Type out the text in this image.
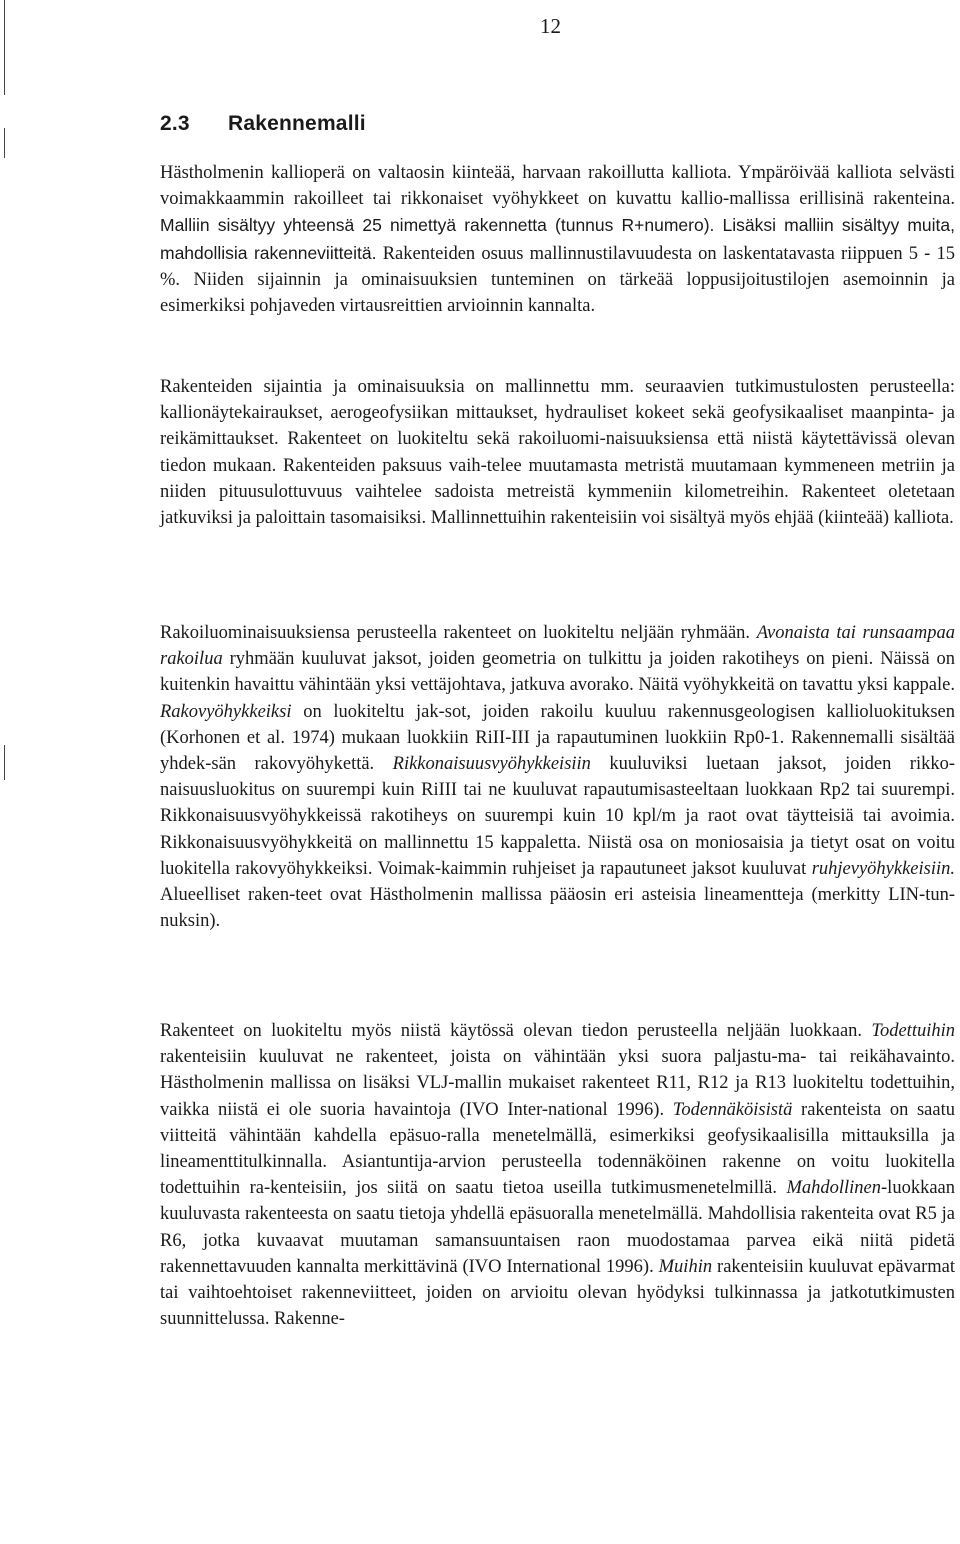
12
2.3 Rakennemalli

Hästholmenin kallioperä on valtaosin kiinteää, harvaan rakoillutta kalliota. Ympäröivää kalliota selvästi voimakkaammin rakoilleet tai rikkonaiset vyöhykkeet on kuvattu kallio-mallissa erillisinä rakenteina. Malliin sisältyy yhteensä 25 nimettyä rakennetta (tunnus R+numero). Lisäksi malliin sisältyy muita, mahdollisia rakenneviitteitä. Rakenteiden osuus mallinnustilavuudesta on laskentatavasta riippuen 5 - 15 %. Niiden sijainnin ja ominaisuuksien tunteminen on tärkeää loppusijoitustilojen asemoinnin ja esimerkiksi pohjaveden virtausreittien arvioinnin kannalta.

Rakenteiden sijaintia ja ominaisuuksia on mallinnettu mm. seuraavien tutkimustulosten perusteella: kallionäytekairaukset, aerogeofysiikan mittaukset, hydrauliset kokeet sekä geofysikaaliset maanpinta- ja reikämittaukset. Rakenteet on luokiteltu sekä rakoiluomi-naisuuksiensa että niistä käytettävissä olevan tiedon mukaan. Rakenteiden paksuus vaih-telee muutamasta metristä muutamaan kymmeneen metriin ja niiden pituusulottuvuus vaihtelee sadoista metreistä kymmeniin kilometreihin. Rakenteet oletetaan jatkuviksi ja paloittain tasomaisiksi. Mallinnettuihin rakenteisiin voi sisältyä myös ehjää (kiinteää) kalliota.

Rakoiluominaisuuksiensa perusteella rakenteet on luokiteltu neljään ryhmään. Avonaista tai runsaampaa rakoilua ryhmään kuuluvat jaksot, joiden geometria on tulkittu ja joiden rakotiheys on pieni. Näissä on kuitenkin havaittu vähintään yksi vettäjohtava, jatkuva avorako. Näitä vyöhykkeitä on tavattu yksi kappale. Rakovyöhykkeiksi on luokiteltu jak-sot, joiden rakoilu kuuluu rakennusgeologisen kallioluokituksen (Korhonen et al. 1974) mukaan luokkiin RiII-III ja rapautuminen luokkiin Rp0-1. Rakennemalli sisältää yhdek-sän rakovyöhykettä. Rikkonaisuusvyöhykkeisiin kuuluviksi luetaan jaksot, joiden rikko-naisuusluokitus on suurempi kuin RiIII tai ne kuuluvat rapautumisasteeltaan luokkaan Rp2 tai suurempi. Rikkonaisuusvyöhykkeissä rakotiheys on suurempi kuin 10 kpl/m ja raot ovat täytteisiä tai avoimia. Rikkonaisuusvyöhykkeitä on mallinnettu 15 kappaletta. Niistä osa on moniosaisia ja tietyt osat on voitu luokitella rakovyöhykkeiksi. Voimak-kaimmin ruhjeiset ja rapautuneet jaksot kuuluvat ruhjevyöhykkeisiin. Alueelliset raken-teet ovat Hästholmenin mallissa pääosin eri asteisia lineamentteja (merkitty LIN-tun-nuksin).

Rakenteet on luokiteltu myös niistä käytössä olevan tiedon perusteella neljään luokkaan. Todettuihin rakenteisiin kuuluvat ne rakenteet, joista on vähintään yksi suora paljastu-ma- tai reikähavainto. Hästholmenin mallissa on lisäksi VLJ-mallin mukaiset rakenteet R11, R12 ja R13 luokiteltu todettuihin, vaikka niistä ei ole suoria havaintoja (IVO Inter-national 1996). Todennäköisistä rakenteista on saatu viitteitä vähintään kahdella epäsuo-ralla menetelmällä, esimerkiksi geofysikaalisilla mittauksilla ja lineamenttitulkinnalla. Asiantuntija-arvion perusteella todennäköinen rakenne on voitu luokitella todettuihin ra-kenteisiin, jos siitä on saatu tietoa useilla tutkimusmenetelmillä. Mahdollinen-luokkaan kuuluvasta rakenteesta on saatu tietoja yhdellä epäsuoralla menetelmällä. Mahdollisia rakenteita ovat R5 ja R6, jotka kuvaavat muutaman samansuuntaisen raon muodostamaa parvea eikä niitä pidetä rakennettavuuden kannalta merkittävinä (IVO International 1996). Muihin rakenteisiin kuuluvat epävarmat tai vaihtoehtoiset rakenneviitteet, joiden on arvioitu olevan hyödyksi tulkinnassa ja jatkotutkimusten suunnittelussa. Rakenne-
